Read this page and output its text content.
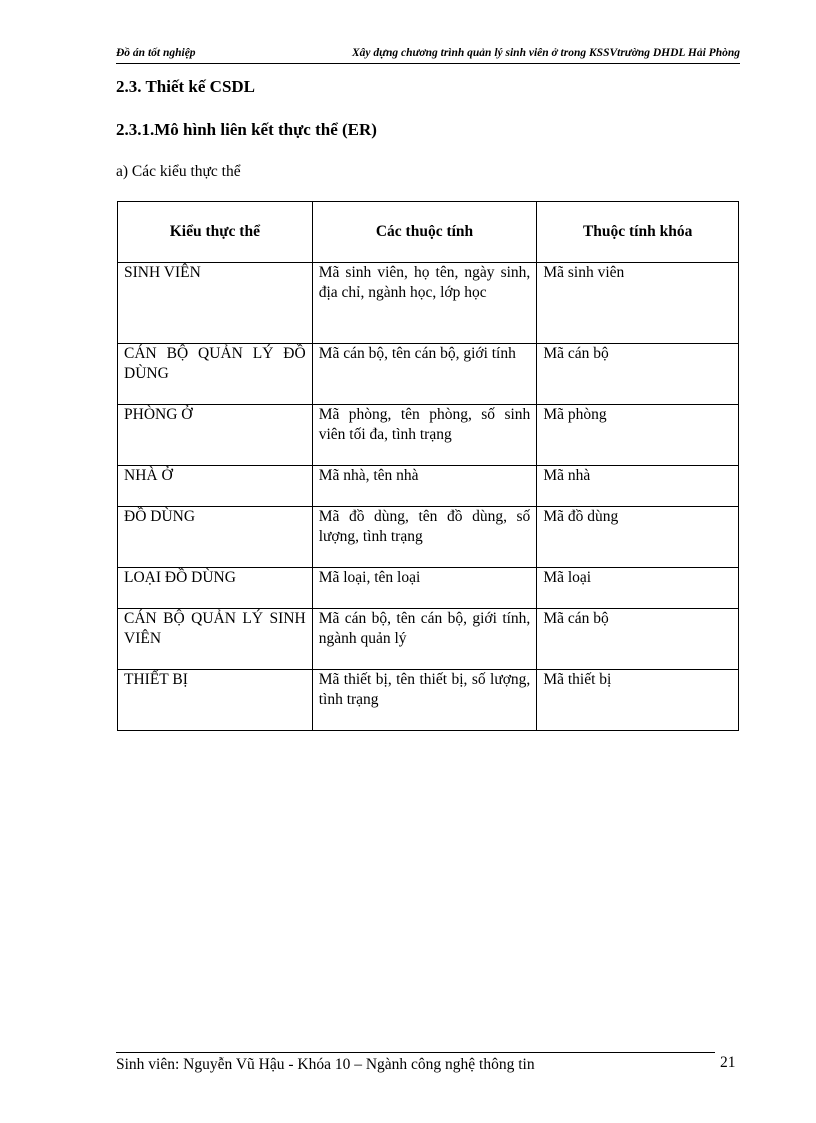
Đồ án tốt nghiệp	Xây dựng chương trình quản lý sinh viên ở trong KSSVtrường DHDL Hải Phòng
2.3. Thiết kế CSDL
2.3.1.Mô hình liên kết thực thể (ER)

a) Các kiểu thực thể

Kiểu thực thể	Các thuộc tính	Thuộc tính khóa
SINH VIÊN	Mã sinh viên, họ tên, ngày sinh, địa chỉ, ngành học, lớp học	Mã sinh viên
CÁN BỘ QUẢN LÝ ĐỒ DÙNG	Mã cán bộ, tên cán bộ, giới tính	Mã cán bộ
PHÒNG Ở	Mã phòng, tên phòng, số sinh viên tối đa, tình trạng	Mã phòng
NHÀ Ở	Mã nhà, tên nhà	Mã nhà
ĐỒ DÙNG	Mã đồ dùng, tên đồ dùng, số lượng, tình trạng	Mã đồ dùng
LOẠI ĐỒ DÙNG	Mã loại, tên loại	Mã loại
CÁN BỘ QUẢN LÝ SINH VIÊN	Mã cán bộ, tên cán bộ, giới tính, ngành quản lý	Mã cán bộ
THIẾT BỊ	Mã thiết bị, tên thiết bị, số lượng, tình trạng	Mã thiết bị
Sinh viên: Nguyễn Vũ Hậu - Khóa 10 – Ngành công nghệ thông tin	21
